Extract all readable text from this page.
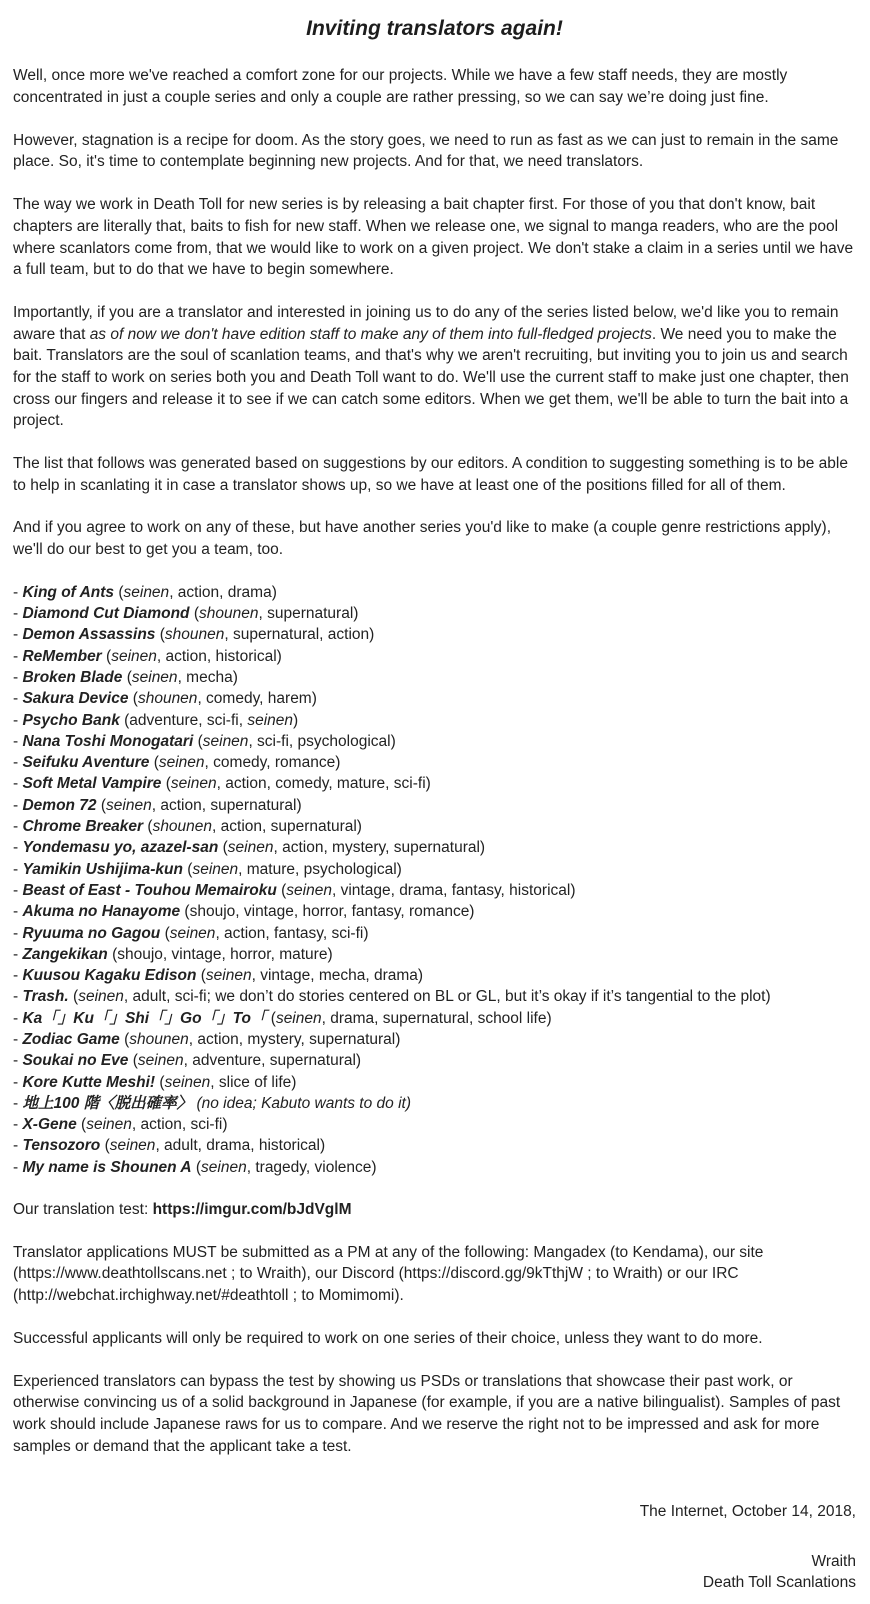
Inviting translators again!

Well, once more we've reached a comfort zone for our projects. While we have a few staff needs, they are mostly concentrated in just a couple series and only a couple are rather pressing, so we can say we’re doing just fine.

However, stagnation is a recipe for doom. As the story goes, we need to run as fast as we can just to remain in the same place. So, it's time to contemplate beginning new projects. And for that, we need translators.

The way we work in Death Toll for new series is by releasing a bait chapter first. For those of you that don't know, bait chapters are literally that, baits to fish for new staff. When we release one, we signal to manga readers, who are the pool where scanlators come from, that we would like to work on a given project. We don't stake a claim in a series until we have a full team, but to do that we have to begin somewhere.

Importantly, if you are a translator and interested in joining us to do any of the series listed below, we'd like you to remain aware that as of now we don't have edition staff to make any of them into full-fledged projects. We need you to make the bait. Translators are the soul of scanlation teams, and that's why we aren't recruiting, but inviting you to join us and search for the staff to work on series both you and Death Toll want to do. We'll use the current staff to make just one chapter, then cross our fingers and release it to see if we can catch some editors. When we get them, we'll be able to turn the bait into a project.

The list that follows was generated based on suggestions by our editors. A condition to suggesting something is to be able to help in scanlating it in case a translator shows up, so we have at least one of the positions filled for all of them.

And if you agree to work on any of these, but have another series you'd like to make (a couple genre restrictions apply), we'll do our best to get you a team, too.

- King of Ants (seinen, action, drama)
- Diamond Cut Diamond (shounen, supernatural)
- Demon Assassins (shounen, supernatural, action)
- ReMember (seinen, action, historical)
- Broken Blade (seinen, mecha)
- Sakura Device (shounen, comedy, harem)
- Psycho Bank (adventure, sci-fi, seinen)
- Nana Toshi Monogatari (seinen, sci-fi, psychological)
- Seifuku Aventure (seinen, comedy, romance)
- Soft Metal Vampire (seinen, action, comedy, mature, sci-fi)
- Demon 72 (seinen, action, supernatural)
- Chrome Breaker (shounen, action, supernatural)
- Yondemasu yo, azazel-san (seinen, action, mystery, supernatural)
- Yamikin Ushijima-kun (seinen, mature, psychological)
- Beast of East - Touhou Memairoku (seinen, vintage, drama, fantasy, historical)
- Akuma no Hanayome (shoujo, vintage, horror, fantasy, romance)
- Ryuuma no Gagou (seinen, action, fantasy, sci-fi)
- Zangekikan (shoujo, vintage, horror, mature)
- Kuusou Kagaku Edison (seinen, vintage, mecha, drama)
- Trash. (seinen, adult, sci-fi; we don’t do stories centered on BL or GL, but it’s okay if it’s tangential to the plot)
- Ka「」Ku「」Shi「」Go「」To「 (seinen, drama, supernatural, school life)
- Zodiac Game (shounen, action, mystery, supernatural)
- Soukai no Eve (seinen, adventure, supernatural)
- Kore Kutte Meshi! (seinen, slice of life)
- 地上100 階〈脱出確率〉 (no idea; Kabuto wants to do it)
- X-Gene (seinen, action, sci-fi)
- Tensozoro (seinen, adult, drama, historical)
- My name is Shounen A (seinen, tragedy, violence)

Our translation test: https://imgur.com/bJdVglM

Translator applications MUST be submitted as a PM at any of the following: Mangadex (to Kendama), our site (https://www.deathtollscans.net ; to Wraith), our Discord (https://discord.gg/9kTthjW ; to Wraith) or our IRC (http://webchat.irchighway.net/#deathtoll ; to Momimomi).

Successful applicants will only be required to work on one series of their choice, unless they want to do more.

Experienced translators can bypass the test by showing us PSDs or translations that showcase their past work, or otherwise convincing us of a solid background in Japanese (for example, if you are a native bilingualist). Samples of past work should include Japanese raws for us to compare. And we reserve the right not to be impressed and ask for more samples or demand that the applicant take a test.

The Internet, October 14, 2018,

Wraith

Death Toll Scanlations
